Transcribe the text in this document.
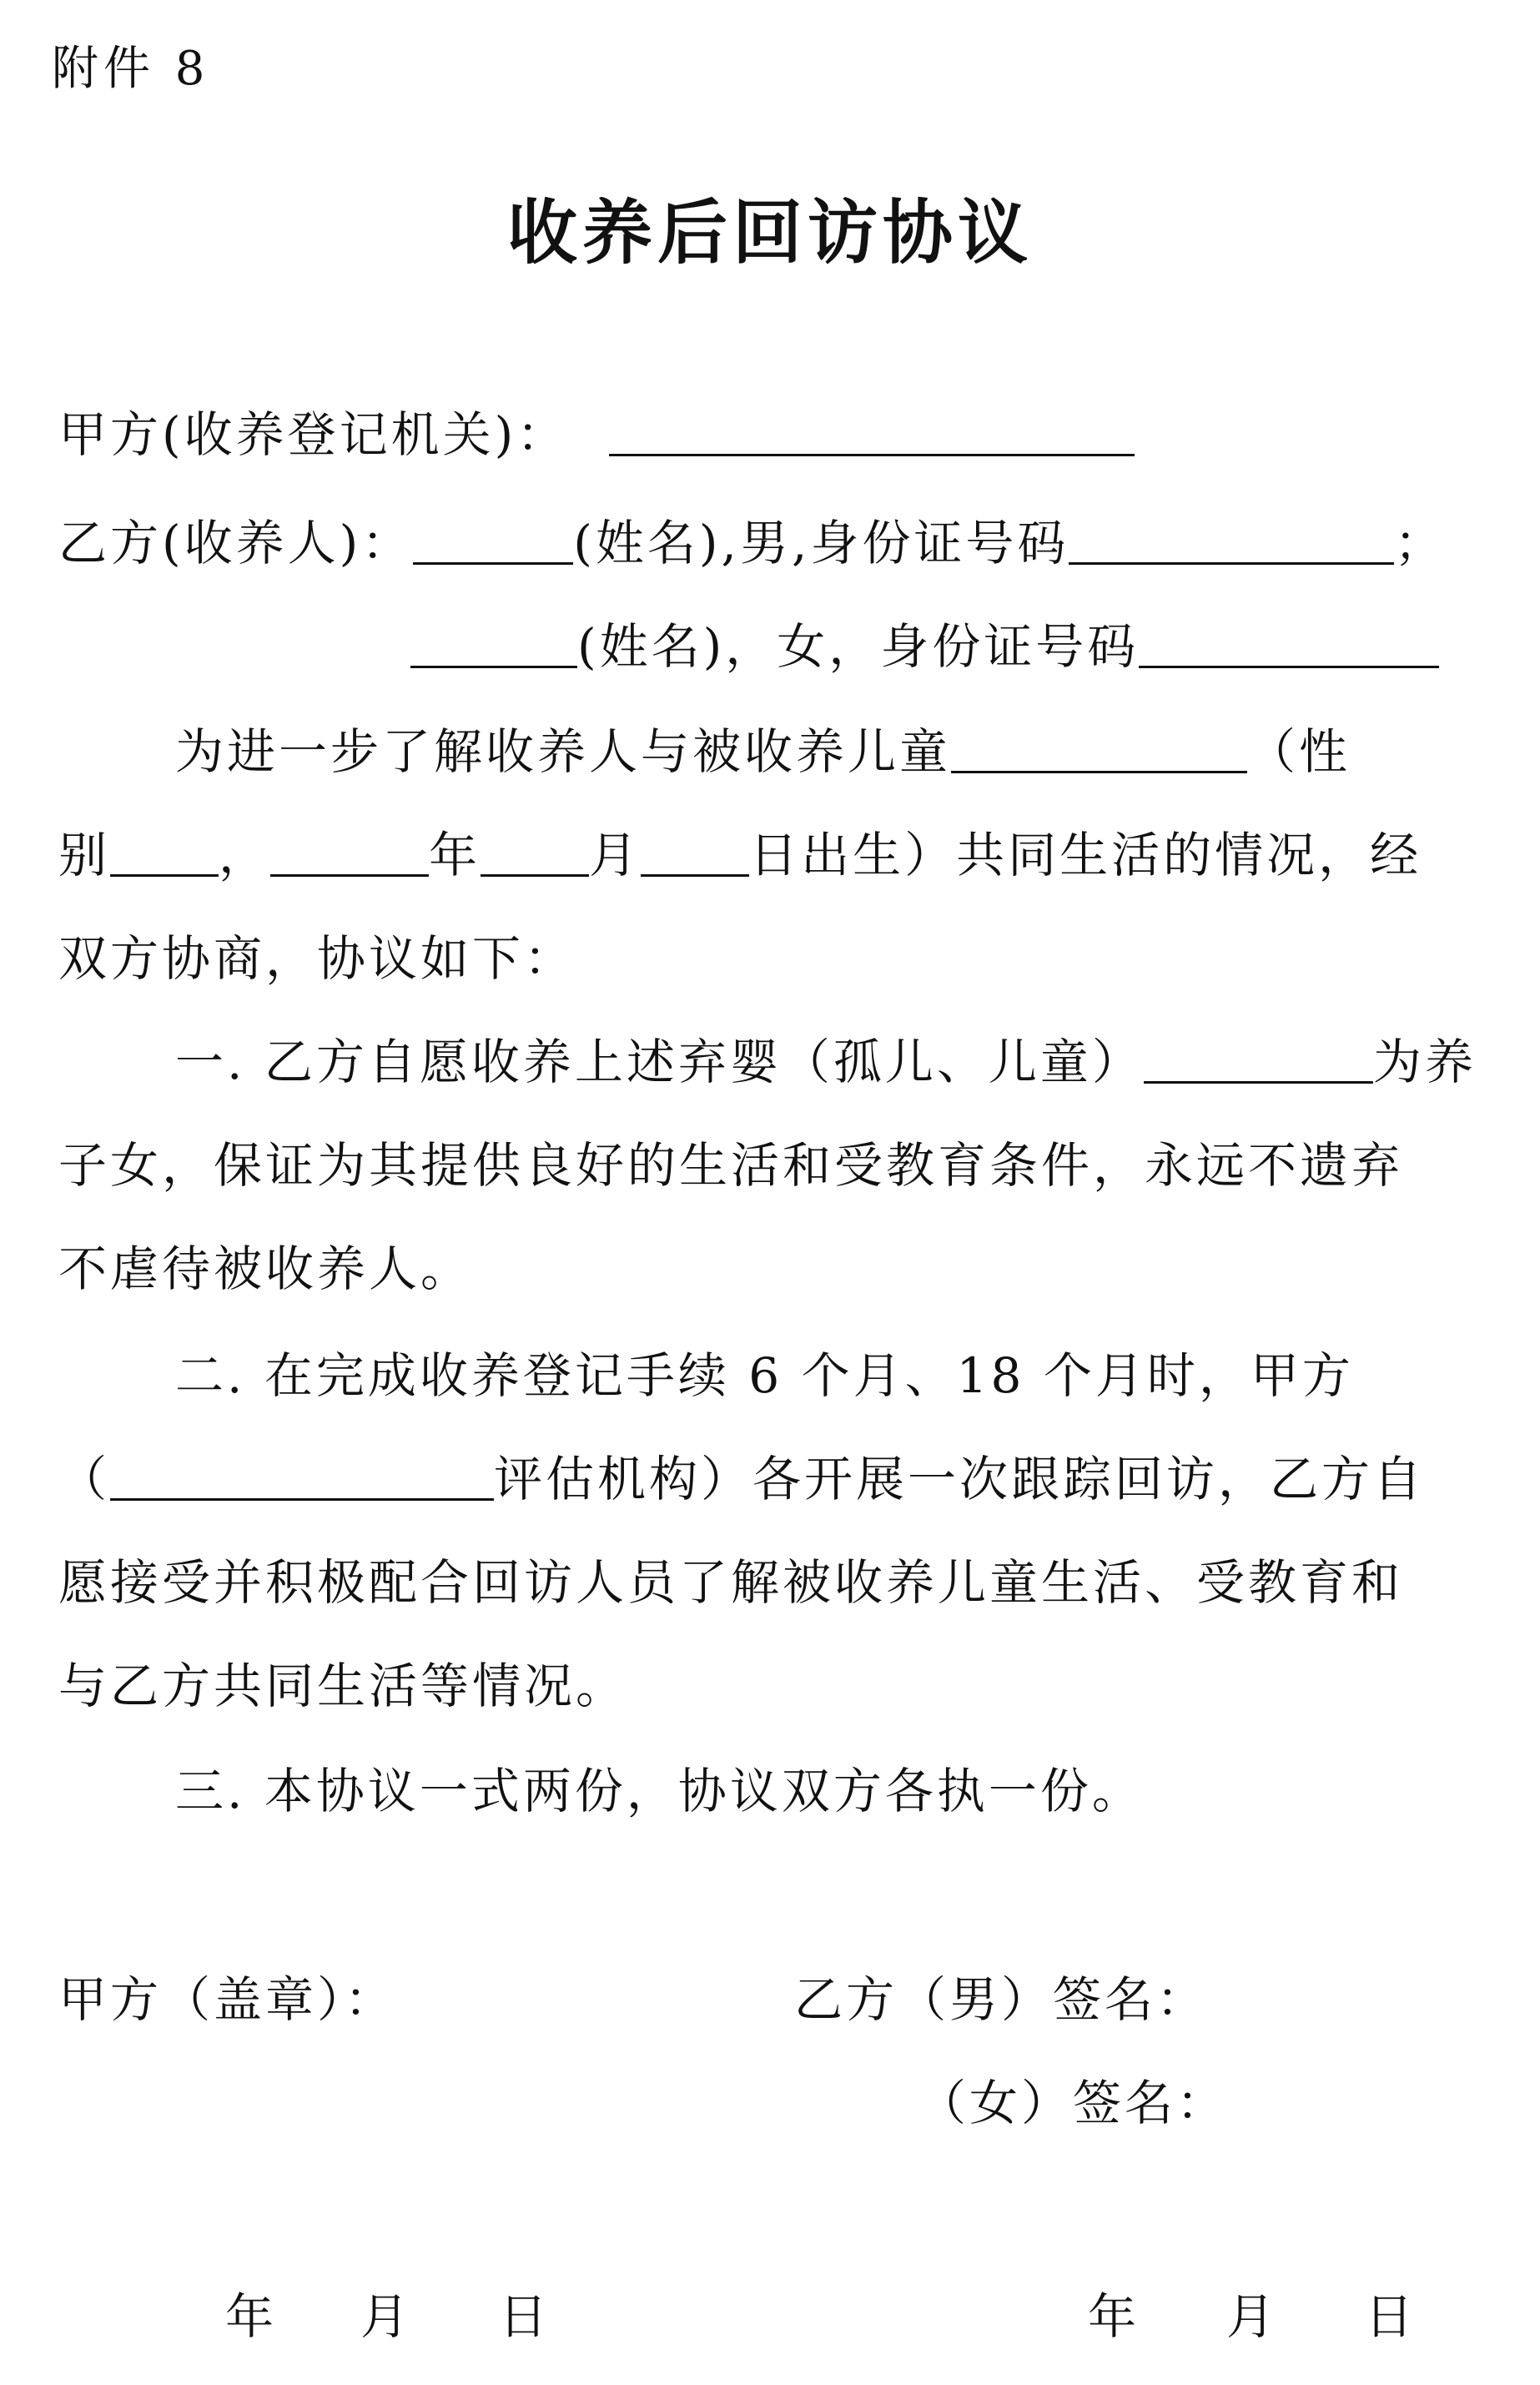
附件 8
收养后回访协议
甲方(收养登记机关)：
乙方(收养人)：	(姓名),男,身份证号码	；
(姓名)，女，身份证号码
为进一步了解收养人与被收养儿童	（性
别 ，	年 月 日出生）共同生活的情况，经
双方协商，协议如下：
一. 乙方自愿收养上述弃婴（孤儿、儿童）	为养
子女，保证为其提供良好的生活和受教育条件，永远不遗弃
不虐待被收养人。
二. 在完成收养登记手续 6 个月、18 个月时，甲方
（	评估机构）各开展一次跟踪回访，乙方自
愿接受并积极配合回访人员了解被收养儿童生活、受教育和
与乙方共同生活等情况。
三. 本协议一式两份，协议双方各执一份。
甲方（盖章）：	乙方（男）签名：
（女）签名：
年 月 日	年 月 日
